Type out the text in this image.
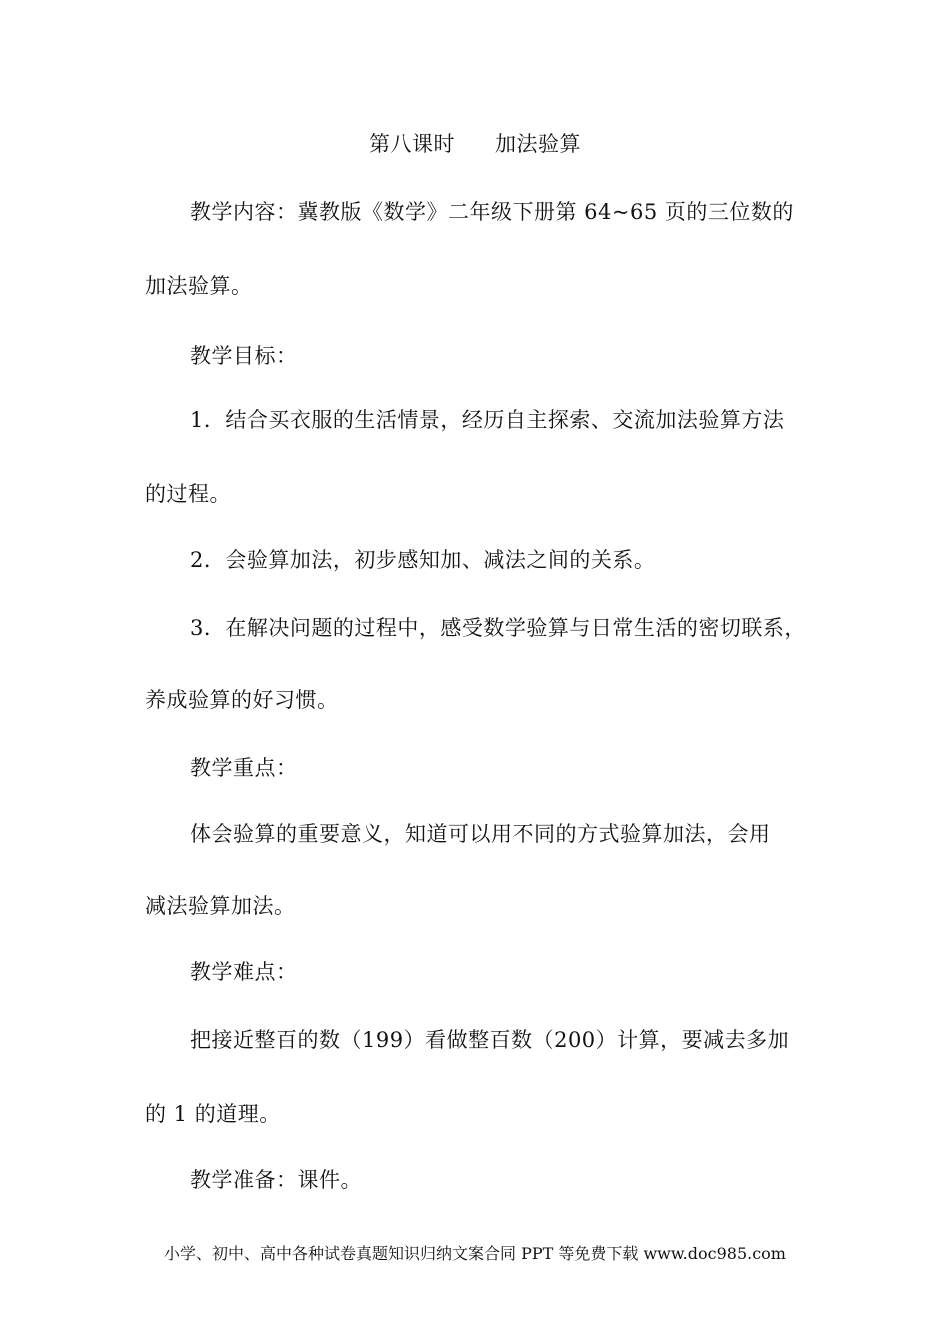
第八课时 加法验算
教学内容：冀教版《数学》二年级下册第 64~65 页的三位数的
加法验算。
教学目标：
1．结合买衣服的生活情景，经历自主探索、交流加法验算方法
的过程。
2．会验算加法，初步感知加、减法之间的关系。
3．在解决问题的过程中，感受数学验算与日常生活的密切联系，
养成验算的好习惯。
教学重点：
体会验算的重要意义，知道可以用不同的方式验算加法，会用
减法验算加法。
教学难点：
把接近整百的数（199）看做整百数（200）计算，要减去多加
的 1 的道理。
教学准备：课件。
小学、初中、高中各种试卷真题知识归纳文案合同 PPT 等免费下载 www.doc985.com
